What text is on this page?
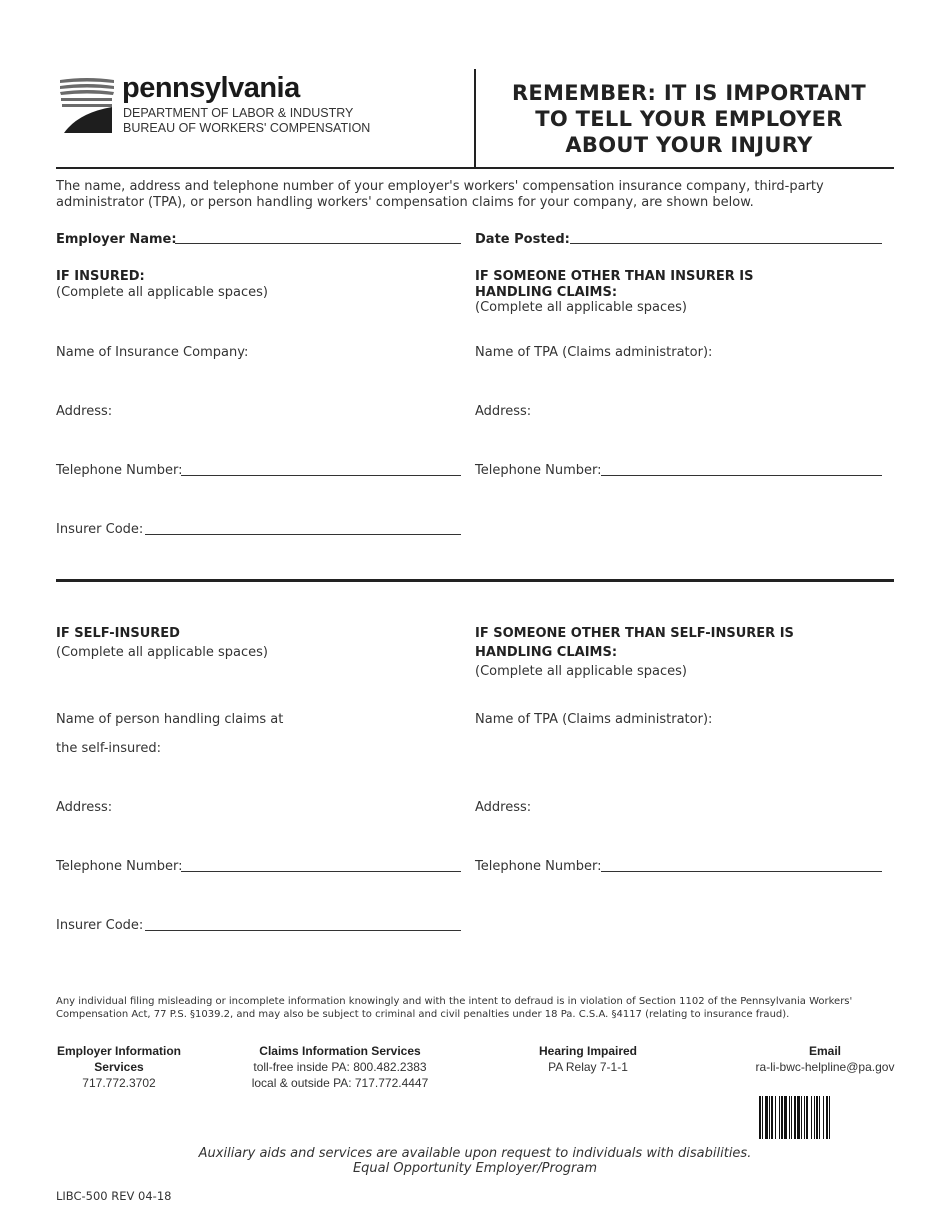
pennsylvania
DEPARTMENT OF LABOR & INDUSTRY
BUREAU OF WORKERS' COMPENSATION
REMEMBER: IT IS IMPORTANT
TO TELL YOUR EMPLOYER
ABOUT YOUR INJURY
The name, address and telephone number of your employer's workers' compensation insurance company, third-party administrator (TPA), or person handling workers' compensation claims for your company, are shown below.
Employer Name:	Date Posted:
IF INSURED:
(Complete all applicable spaces)
IF SOMEONE OTHER THAN INSURER IS
HANDLING CLAIMS:
(Complete all applicable spaces)
Name of Insurance Company:	Name of TPA (Claims administrator):
Address:	Address:
Telephone Number:	Telephone Number:
Insurer Code:
IF SELF-INSURED
(Complete all applicable spaces)
IF SOMEONE OTHER THAN SELF-INSURER IS
HANDLING CLAIMS:
(Complete all applicable spaces)
Name of person handling claims at
the self-insured:
Name of TPA (Claims administrator):
Address:	Address:
Telephone Number:	Telephone Number:
Insurer Code:
Any individual filing misleading or incomplete information knowingly and with the intent to defraud is in violation of Section 1102 of the Pennsylvania Workers' Compensation Act, 77 P.S. §1039.2, and may also be subject to criminal and civil penalties under 18 Pa. C.S.A. §4117 (relating to insurance fraud).
Employer Information
Services
717.772.3702
Claims Information Services
toll-free inside PA: 800.482.2383
local & outside PA: 717.772.4447
Hearing Impaired
PA Relay 7-1-1
Email
ra-li-bwc-helpline@pa.gov
Auxiliary aids and services are available upon request to individuals with disabilities.
Equal Opportunity Employer/Program
LIBC-500 REV 04-18
